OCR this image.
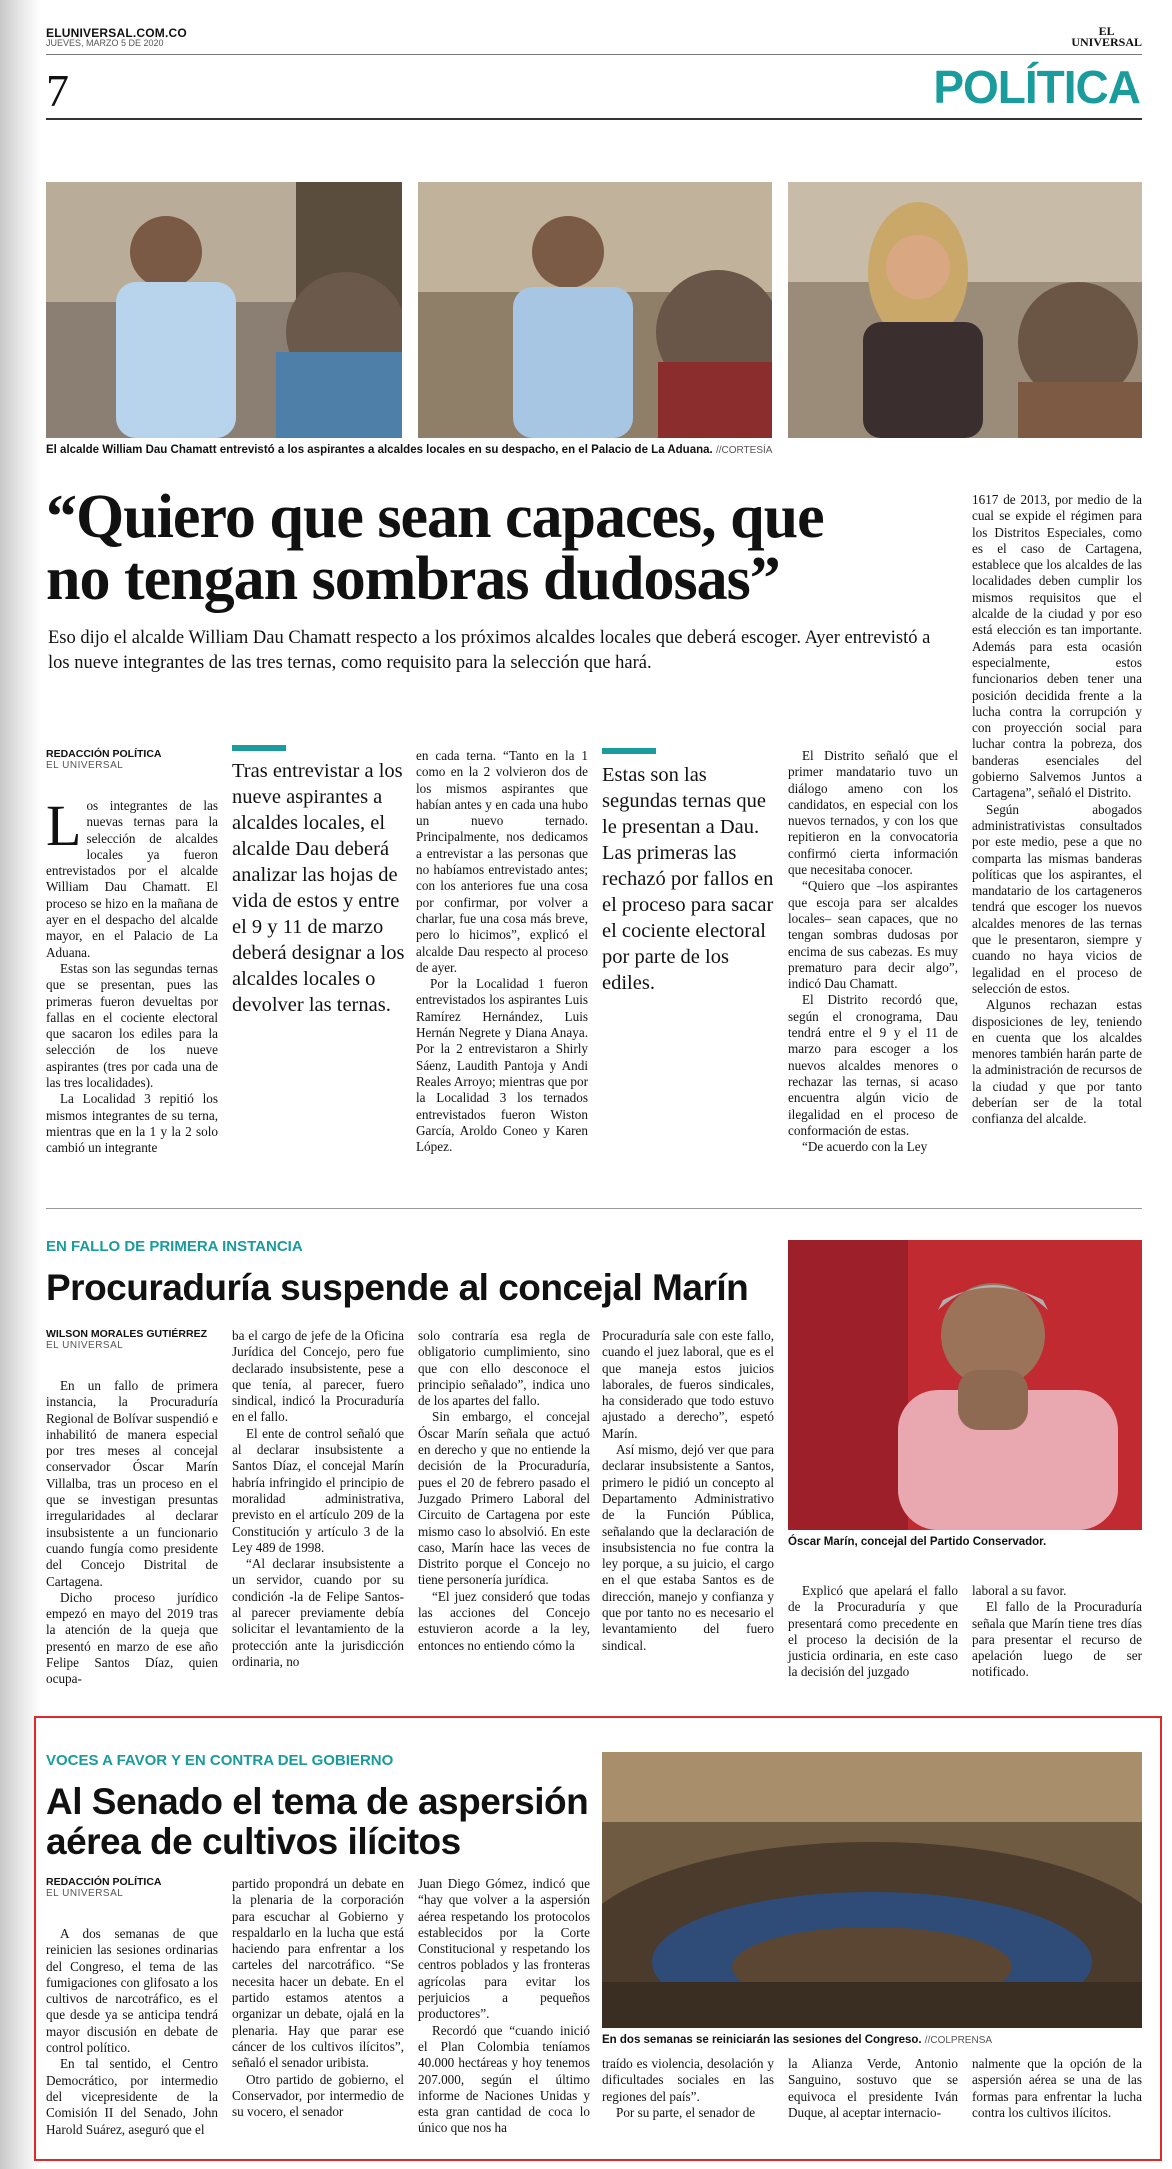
ELUNIVERSAL.COM.CO
JUEVES, MARZO 5 DE 2020
EL
UNIVERSAL
7	POLÍTICA
El alcalde William Dau Chamatt entrevistó a los aspirantes a alcaldes locales en su despacho, en el Palacio de La Aduana. //CORTESÍA
“Quiero que sean capaces, que
no tengan sombras dudosas”
Eso dijo el alcalde William Dau Chamatt respecto a los próximos alcaldes locales que deberá escoger. Ayer entrevistó a los nueve integrantes de las tres ternas, como requisito para la selección que hará.
REDACCIÓN POLÍTICA
EL UNIVERSAL

Los integrantes de las nuevas ternas para la selección de alcaldes locales ya fueron entrevistados por el alcalde William Dau Chamatt. El proceso se hizo en la mañana de ayer en el despacho del alcalde mayor, en el Palacio de La Aduana.

Estas son las segundas ternas que se presentan, pues las primeras fueron devueltas por fallas en el cociente electoral que sacaron los ediles para la selección de los nueve aspirantes (tres por cada una de las tres localidades).

La Localidad 3 repitió los mismos integrantes de su terna, mientras que en la 1 y la 2 solo cambió un integrante

Tras entrevistar a los nueve aspirantes a alcaldes locales, el alcalde Dau deberá analizar las hojas de vida de estos y entre el 9 y 11 de marzo deberá designar a los alcaldes locales o devolver las ternas.

en cada terna. “Tanto en la 1 como en la 2 volvieron dos de los mismos aspirantes que habían antes y en cada una hubo un nuevo ternado. Principalmente, nos dedicamos a entrevistar a las personas que no habíamos entrevistado antes; con los anteriores fue una cosa por confirmar, por volver a charlar, fue una cosa más breve, pero lo hicimos”, explicó el alcalde Dau respecto al proceso de ayer.

Por la Localidad 1 fueron entrevistados los aspirantes Luis Ramírez Hernández, Luis Hernán Negrete y Diana Anaya. Por la 2 entrevistaron a Shirly Sáenz, Laudith Pantoja y Andi Reales Arroyo; mientras que por la Localidad 3 los ternados entrevistados fueron Wiston García, Aroldo Coneo y Karen López.

Estas son las segundas ternas que le presentan a Dau. Las primeras las rechazó por fallos en el proceso para sacar el cociente electoral por parte de los ediles.

El Distrito señaló que el primer mandatario tuvo un diálogo ameno con los candidatos, en especial con los nuevos ternados, y con los que repitieron en la convocatoria confirmó cierta información que necesitaba conocer.

“Quiero que –los aspirantes que escoja para ser alcaldes locales– sean capaces, que no tengan sombras dudosas por encima de sus cabezas. Es muy prematuro para decir algo”, indicó Dau Chamatt.

El Distrito recordó que, según el cronograma, Dau tendrá entre el 9 y el 11 de marzo para escoger a los nuevos alcaldes menores o rechazar las ternas, si acaso encuentra algún vicio de ilegalidad en el proceso de conformación de estas.

“De acuerdo con la Ley

1617 de 2013, por medio de la cual se expide el régimen para los Distritos Especiales, como es el caso de Cartagena, establece que los alcaldes de las localidades deben cumplir los mismos requisitos que el alcalde de la ciudad y por eso está elección es tan importante. Además para esta ocasión especialmente, estos funcionarios deben tener una posición decidida frente a la lucha contra la corrupción y con proyección social para luchar contra la pobreza, dos banderas esenciales del gobierno Salvemos Juntos a Cartagena”, señaló el Distrito.

Según abogados administrativistas consultados por este medio, pese a que no comparta las mismas banderas políticas que los aspirantes, el mandatario de los cartageneros tendrá que escoger los nuevos alcaldes menores de las ternas que le presentaron, siempre y cuando no haya vicios de legalidad en el proceso de selección de estos.

Algunos rechazan estas disposiciones de ley, teniendo en cuenta que los alcaldes menores también harán parte de la administración de recursos de la ciudad y que por tanto deberían ser de la total confianza del alcalde.

EN FALLO DE PRIMERA INSTANCIA
Procuraduría suspende al concejal Marín
WILSON MORALES GUTIÉRREZ
EL UNIVERSAL

En un fallo de primera instancia, la Procuraduría Regional de Bolívar suspendió e inhabilitó de manera especial por tres meses al concejal conservador Óscar Marín Villalba, tras un proceso en el que se investigan presuntas irregularidades al declarar insubsistente a un funcionario cuando fungía como presidente del Concejo Distrital de Cartagena.

Dicho proceso jurídico empezó en mayo del 2019 tras la atención de la queja que presentó en marzo de ese año Felipe Santos Díaz, quien ocupa-

ba el cargo de jefe de la Oficina Jurídica del Concejo, pero fue declarado insubsistente, pese a que tenía, al parecer, fuero sindical, indicó la Procuraduría en el fallo.

El ente de control señaló que al declarar insubsistente a Santos Díaz, el concejal Marín habría infringido el principio de moralidad administrativa, previsto en el artículo 209 de la Constitución y artículo 3 de la Ley 489 de 1998.

“Al declarar insubsistente a un servidor, cuando por su condición -la de Felipe Santos- al parecer previamente debía solicitar el levantamiento de la protección ante la jurisdicción ordinaria, no

solo contraría esa regla de obligatorio cumplimiento, sino que con ello desconoce el principio señalado”, indica uno de los apartes del fallo.

Sin embargo, el concejal Óscar Marín señala que actuó en derecho y que no entiende la decisión de la Procuraduría, pues el 20 de febrero pasado el Juzgado Primero Laboral del Circuito de Cartagena por este mismo caso lo absolvió. En este caso, Marín hace las veces de Distrito porque el Concejo no tiene personería jurídica.

“El juez consideró que todas las acciones del Concejo estuvieron acorde a la ley, entonces no entiendo cómo la

Procuraduría sale con este fallo, cuando el juez laboral, que es el que maneja estos juicios laborales, de fueros sindicales, ha considerado que todo estuvo ajustado a derecho”, espetó Marín.

Así mismo, dejó ver que para declarar insubsistente a Santos, primero le pidió un concepto al Departamento Administrativo de la Función Pública, señalando que la declaración de insubsistencia no fue contra la ley porque, a su juicio, el cargo en el que estaba Santos es de dirección, manejo y confianza y que por tanto no es necesario el levantamiento del fuero sindical.

Óscar Marín, concejal del Partido Conservador.

Explicó que apelará el fallo de la Procuraduría y que presentará como precedente en el proceso la decisión de la justicia ordinaria, en este caso la decisión del juzgado

laboral a su favor.

El fallo de la Procuraduría señala que Marín tiene tres días para presentar el recurso de apelación luego de ser notificado.

VOCES A FAVOR Y EN CONTRA DEL GOBIERNO
Al Senado el tema de aspersión
aérea de cultivos ilícitos
REDACCIÓN POLÍTICA
EL UNIVERSAL

A dos semanas de que reinicien las sesiones ordinarias del Congreso, el tema de las fumigaciones con glifosato a los cultivos de narcotráfico, es el que desde ya se anticipa tendrá mayor discusión en debate de control político.

En tal sentido, el Centro Democrático, por intermedio del vicepresidente de la Comisión II del Senado, John Harold Suárez, aseguró que el

partido propondrá un debate en la plenaria de la corporación para escuchar al Gobierno y respaldarlo en la lucha que está haciendo para enfrentar a los carteles del narcotráfico. “Se necesita hacer un debate. En el partido estamos atentos a organizar un debate, ojalá en la plenaria. Hay que parar ese cáncer de los cultivos ilícitos”, señaló el senador uribista.

Otro partido de gobierno, el Conservador, por intermedio de su vocero, el senador

Juan Diego Gómez, indicó que “hay que volver a la aspersión aérea respetando los protocolos establecidos por la Corte Constitucional y respetando los centros poblados y las fronteras agrícolas para evitar los perjuicios a pequeños productores”.

Recordó que “cuando inició el Plan Colombia teníamos 40.000 hectáreas y hoy tenemos 207.000, según el último informe de Naciones Unidas y esta gran cantidad de coca lo único que nos ha

En dos semanas se reiniciarán las sesiones del Congreso. //COLPRENSA

traído es violencia, desolación y dificultades sociales en las regiones del país”.

Por su parte, el senador de

la Alianza Verde, Antonio Sanguino, sostuvo que se equivoca el presidente Iván Duque, al aceptar internacio-

nalmente que la opción de la aspersión aérea se una de las formas para enfrentar la lucha contra los cultivos ilícitos.
